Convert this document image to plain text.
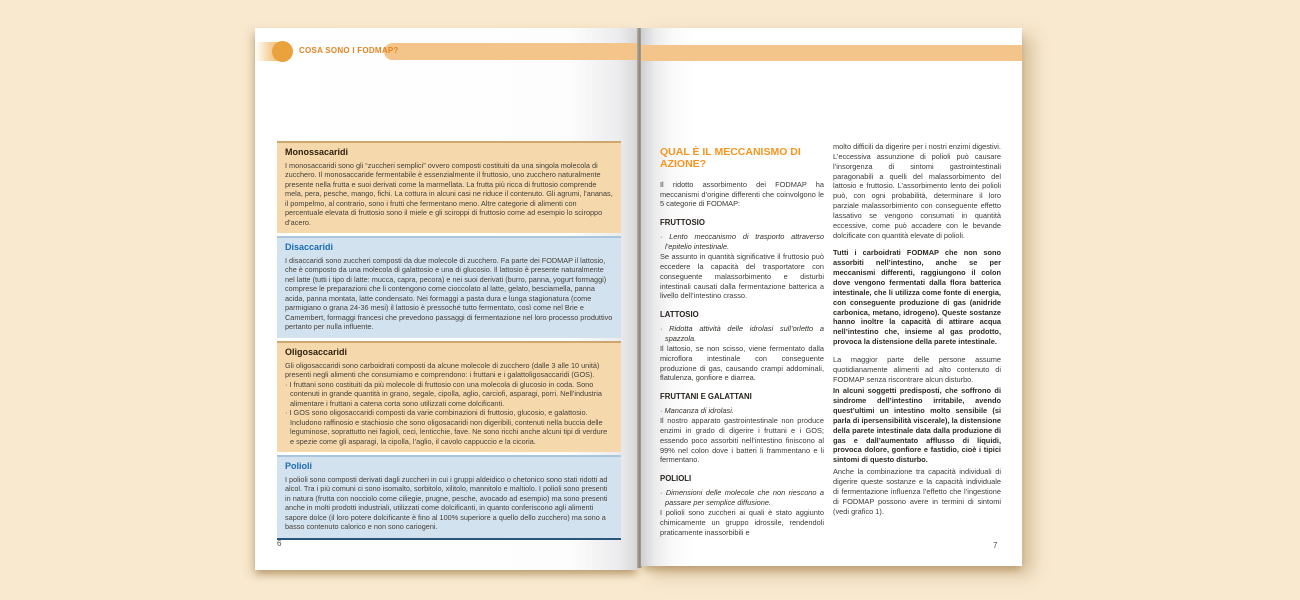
COSA SONO I FODMAP?
Monossacaridi

I monosaccaridi sono gli “zuccheri semplici” ovvero composti costituiti da una singola molecola di zucchero. Il monosaccaride fermentabile è essenzialmente il fruttosio, uno zucchero naturalmente presente nella frutta e suoi derivati come la marmellata. La frutta più ricca di fruttosio comprende mela, pera, pesche, mango, fichi. La cottura in alcuni casi ne riduce il contenuto. Gli agrumi, l’ananas, il pompelmo, al contrario, sono i frutti che fermentano meno. Altre categorie di alimenti con percentuale elevata di fruttosio sono il miele e gli sciroppi di fruttosio come ad esempio lo sciroppo d’acero.

Disaccaridi

I disaccaridi sono zuccheri composti da due molecole di zucchero. Fa parte dei FODMAP il lattosio, che è composto da una molecola di galattosio e una di glucosio. Il lattosio è presente naturalmente nel latte (tutti i tipo di latte: mucca, capra, pecora) e nei suoi derivati (burro, panna, yogurt formaggi) comprese le preparazioni che li contengono come cioccolato al latte, gelato, besciamella, panna acida, panna montata, latte condensato. Nei formaggi a pasta dura e lunga stagionatura (come parmigiano o grana 24-36 mesi) il lattosio è pressoché tutto fermentato, così come nel Brie e Camembert, formaggi francesi che prevedono passaggi di fermentazione nel loro processo produttivo pertanto per nulla influente.

Oligosaccaridi

Gli oligosaccaridi sono carboidrati composti da alcune molecole di zucchero (dalle 3 alle 10 unità) presenti negli alimenti che consumiamo e comprendono: i fruttani e i galattoligosaccaridi (GOS).

· I fruttani sono costituiti da più molecole di fruttosio con una molecola di glucosio in coda. Sono contenuti in grande quantità in grano, segale, cipolla, aglio, carciofi, asparagi, porri. Nell’industria alimentare i fruttani a catena corta sono utilizzati come dolcificanti.

· I GOS sono oligosaccaridi composti da varie combinazioni di fruttosio, glucosio, e galattosio. Includono raffinosio e stachiosio che sono oligosacaridi non digeribili, contenuti nella buccia delle leguminose, soprattutto nei fagioli, ceci, lenticchie, fave. Ne sono ricchi anche alcuni tipi di verdure e spezie come gli asparagi, la cipolla, l’aglio, il cavolo cappuccio e la cicoria.

Polioli

I polioli sono composti derivati dagli zuccheri in cui i gruppi aldeidico o chetonico sono stati ridotti ad alcol. Tra i più comuni ci sono isomalto, sorbitolo, xilitolo, mannitolo e maltiolo. I polioli sono presenti in natura (frutta con nocciolo come ciliegie, prugne, pesche, avocado ad esempio) ma sono presenti anche in molti prodotti industriali, utilizzati come dolcificanti, in quanto conferiscono agli alimenti sapore dolce (il loro potere dolcificante è fino al 100% superiore a quello dello zucchero) ma sono a basso contenuto calorico e non sono cariogeni.

6
QUAL È IL MECCANISMO DI AZIONE?

Il ridotto assorbimento dei FODMAP ha meccanismi d’origine differenti che coinvolgono le 5 categorie di FODMAP:

FRUTTOSIO

· Lento meccanismo di trasporto attraverso l’epitelio intestinale.

Se assunto in quantità significative il fruttosio può eccedere la capacità del trasportatore con conseguente malassorbimento e disturbi intestinali causati dalla fermentazione batterica a livello dell’intestino crasso.

LATTOSIO

· Ridotta attività delle idrolasi sull’orletto a spazzola.

Il lattosio, se non scisso, viene fermentato dalla microflora intestinale con conseguente produzione di gas, causando crampi addominali, flatulenza, gonfiore e diarrea.

FRUTTANI E GALATTANI

· Mancanza di idrolasi.

Il nostro apparato gastrointestinale non produce enzimi in grado di digerire i fruttani e i GOS; essendo poco assorbiti nell’intestino finiscono al 99% nel colon dove i batteri li frammentano e li fermentano.

POLIOLI

· Dimensioni delle molecole che non riescono a passare per semplice diffusione.

I polioli sono zuccheri ai quali è stato aggiunto chimicamente un gruppo idrossile, rendendoli praticamente inassorbibili e

molto difficili da digerire per i nostri enzimi digestivi. L’eccessiva assunzione di polioli può causare l’insorgenza di sintomi gastrointestinali paragonabili a quelli del malassorbimento del lattosio e fruttosio. L’assorbimento lento dei polioli può, con ogni probabilità, determinare il loro parziale malassorbimento con conseguente effetto lassativo se vengono consumati in quantità eccessive, come può accadere con le bevande dolcificate con quantità elevate di polioli.

Tutti i carboidrati FODMAP che non sono assorbiti nell’intestino, anche se per meccanismi differenti, raggiungono il colon dove vengono fermentati dalla flora batterica intestinale, che li utilizza come fonte di energia, con conseguente produzione di gas (anidride carbonica, metano, idrogeno). Queste sostanze hanno inoltre la capacità di attirare acqua nell’intestino che, insieme al gas prodotto, provoca la distensione della parete intestinale.

La maggior parte delle persone assume quotidianamente alimenti ad alto contenuto di FODMAP senza riscontrare alcun disturbo.

In alcuni soggetti predisposti, che soffrono di sindrome dell’intestino irritabile, avendo quest’ultimi un intestino molto sensibile (si parla di ipersensibilità viscerale), la distensione della parete intestinale data dalla produzione di gas e dall’aumentato afflusso di liquidi, provoca dolore, gonfiore e fastidio, cioè i tipici sintomi di questo disturbo.

Anche la combinazione tra capacità individuali di digerire queste sostanze e la capacità individuale di fermentazione influenza l’effetto che l’ingestione di FODMAP possono avere in termini di sintomi (vedi grafico 1).

7
